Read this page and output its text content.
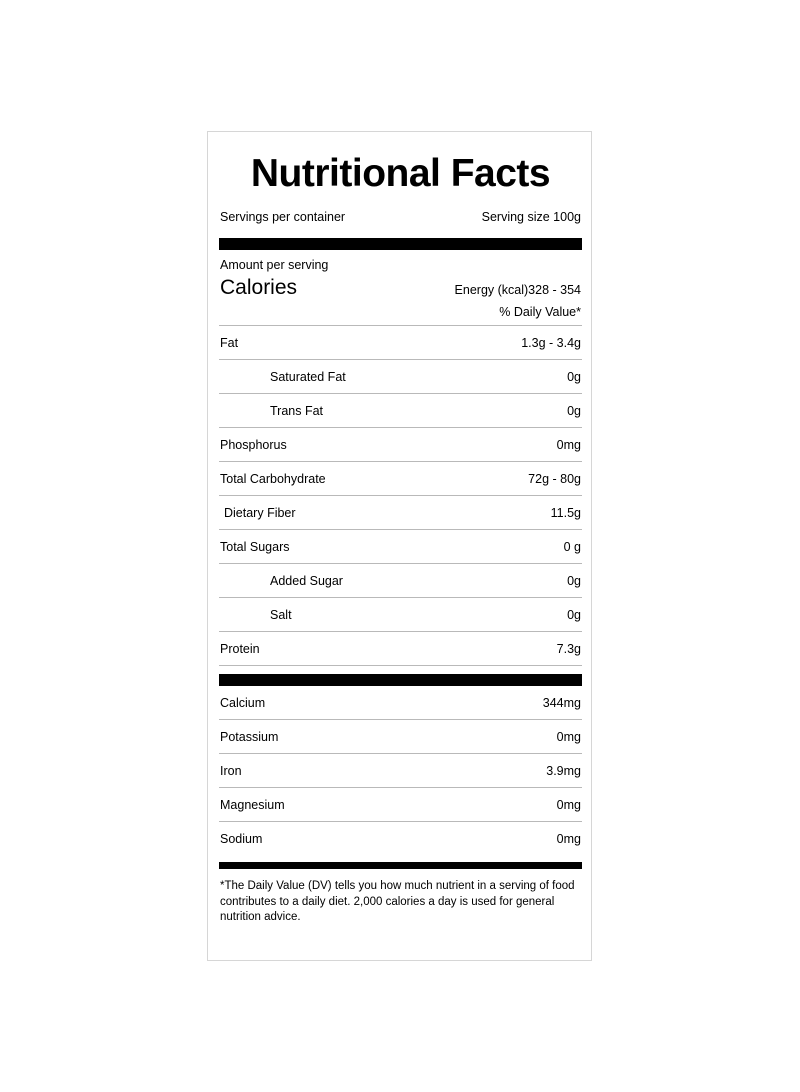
Nutritional Facts
Servings per container	Serving size 100g
Amount per serving
Calories	Energy (kcal)328 - 354
% Daily Value*
Fat	1.3g - 3.4g
Saturated Fat	0g
Trans Fat	0g
Phosphorus	0mg
Total Carbohydrate	72g - 80g
Dietary Fiber	11.5g
Total Sugars	0 g
Added Sugar	0g
Salt	0g
Protein	7.3g
Calcium	344mg
Potassium	0mg
Iron	3.9mg
Magnesium	0mg
Sodium	0mg
*The Daily Value (DV) tells you how much nutrient in a serving of food contributes to a daily diet. 2,000 calories a day is used for general nutrition advice.
